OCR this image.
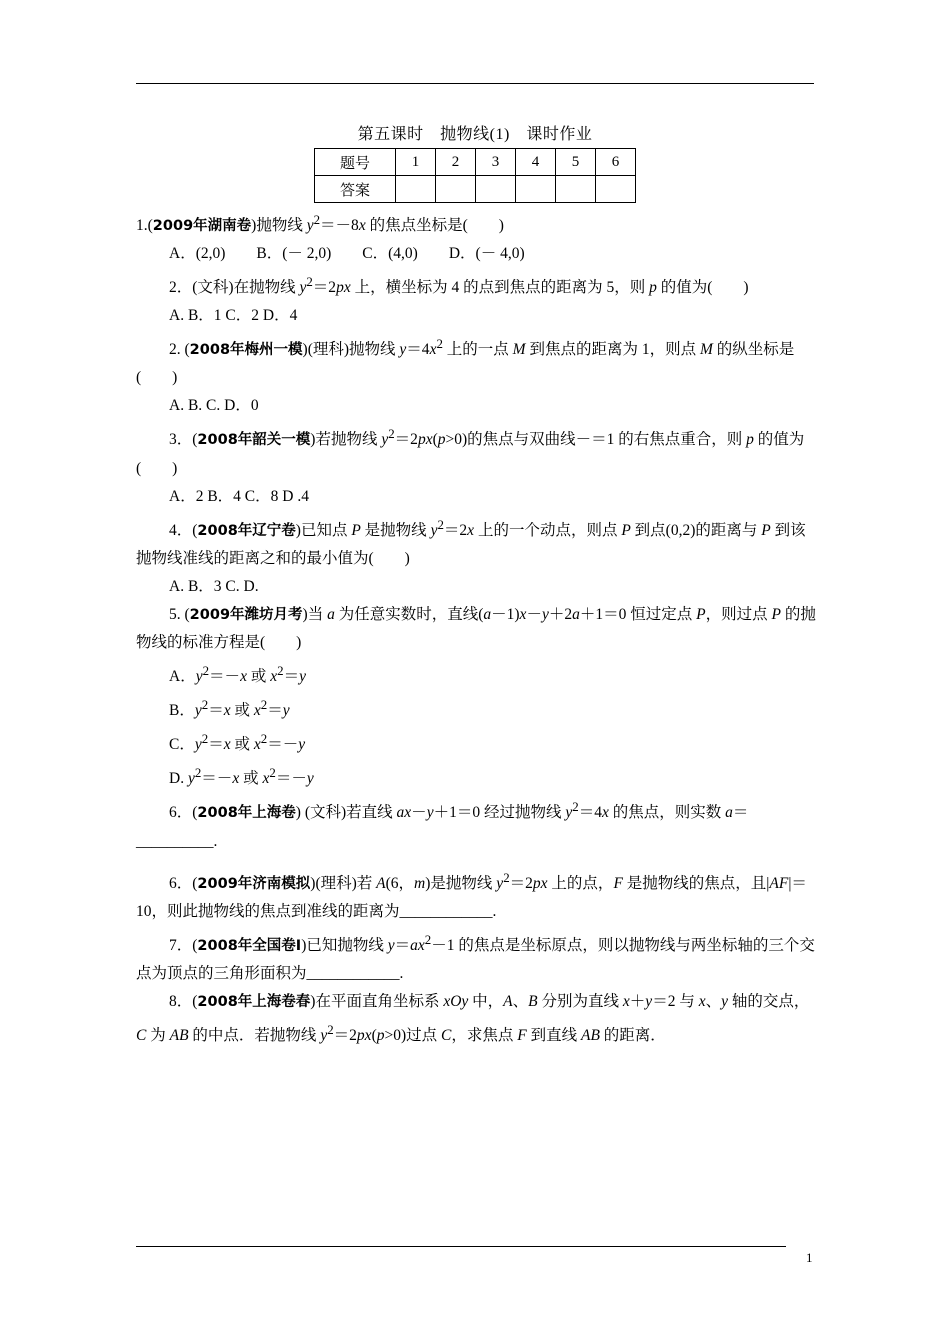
第五课时 抛物线(1) 课时作业
题号	1	2	3	4	5	6
答案						

1.(2009年湖南卷)抛物线 $y^2=-8x$ 的焦点坐标是(　　)

A．(2,0)　　B．(－ 2,0)　　C．(4,0)　　D．(－ 4,0)

2．(文科)在抛物线 $y^2=2px$ 上，横坐标为 4 的点到焦点的距离为 5，则 p 的值为(　　)

A. B．1 C．2 D．4

2. (2008年梅州一模)(理科)抛物线 $y=4x^2$ 上的一点 M 到焦点的距离为 1，则点 M 的纵坐标是(　　)

A. B. C. D．0

3．(2008年韶关一模)若抛物线 $y^2=2px(p>0)$的焦点与双曲线－＝1 的右焦点重合，则 p 的值为(　　)

A．2 B．4 C．8 D .4

4．(2008年辽宁卷)已知点 P 是抛物线 $y^2=2x$ 上的一个动点，则点 P 到点(0,2)的距离与 P 到该抛物线准线的距离之和的最小值为(　　)

A. B．3 C. D.

5. (2009年潍坊月考)当 a 为任意实数时，直线(a－1)x－y＋2a＋1＝0 恒过定点 P，则过点 P 的抛物线的标准方程是(　　)

A．$y^2=-x$ 或 $x^2=y$

B．$y^2=x$ 或 $x^2=y$

C．$y^2=x$ 或 $x^2=-y$

D. $y^2=-x$ 或 $x^2=-y$

6．(2008年上海卷) (文科)若直线 ax－y＋1＝0 经过抛物线 $y^2=4x$ 的焦点，则实数 a＝__________.

6．(2009年济南模拟)(理科)若 A(6，m)是抛物线 $y^2=2px$ 上的点，F 是抛物线的焦点，且|AF|＝10，则此抛物线的焦点到准线的距离为____________.

7．(2008年全国卷Ⅰ)已知抛物线 $y=ax^2-1$ 的焦点是坐标原点，则以抛物线与两坐标轴的三个交点为顶点的三角形面积为____________.

8．(2008年上海卷春)在平面直角坐标系 xOy 中，A、B 分别为直线 x＋y＝2 与 x、y 轴的交点，C 为 AB 的中点．若抛物线 $y^2=2px(p>0)$过点 C，求焦点 F 到直线 AB 的距离．

1
